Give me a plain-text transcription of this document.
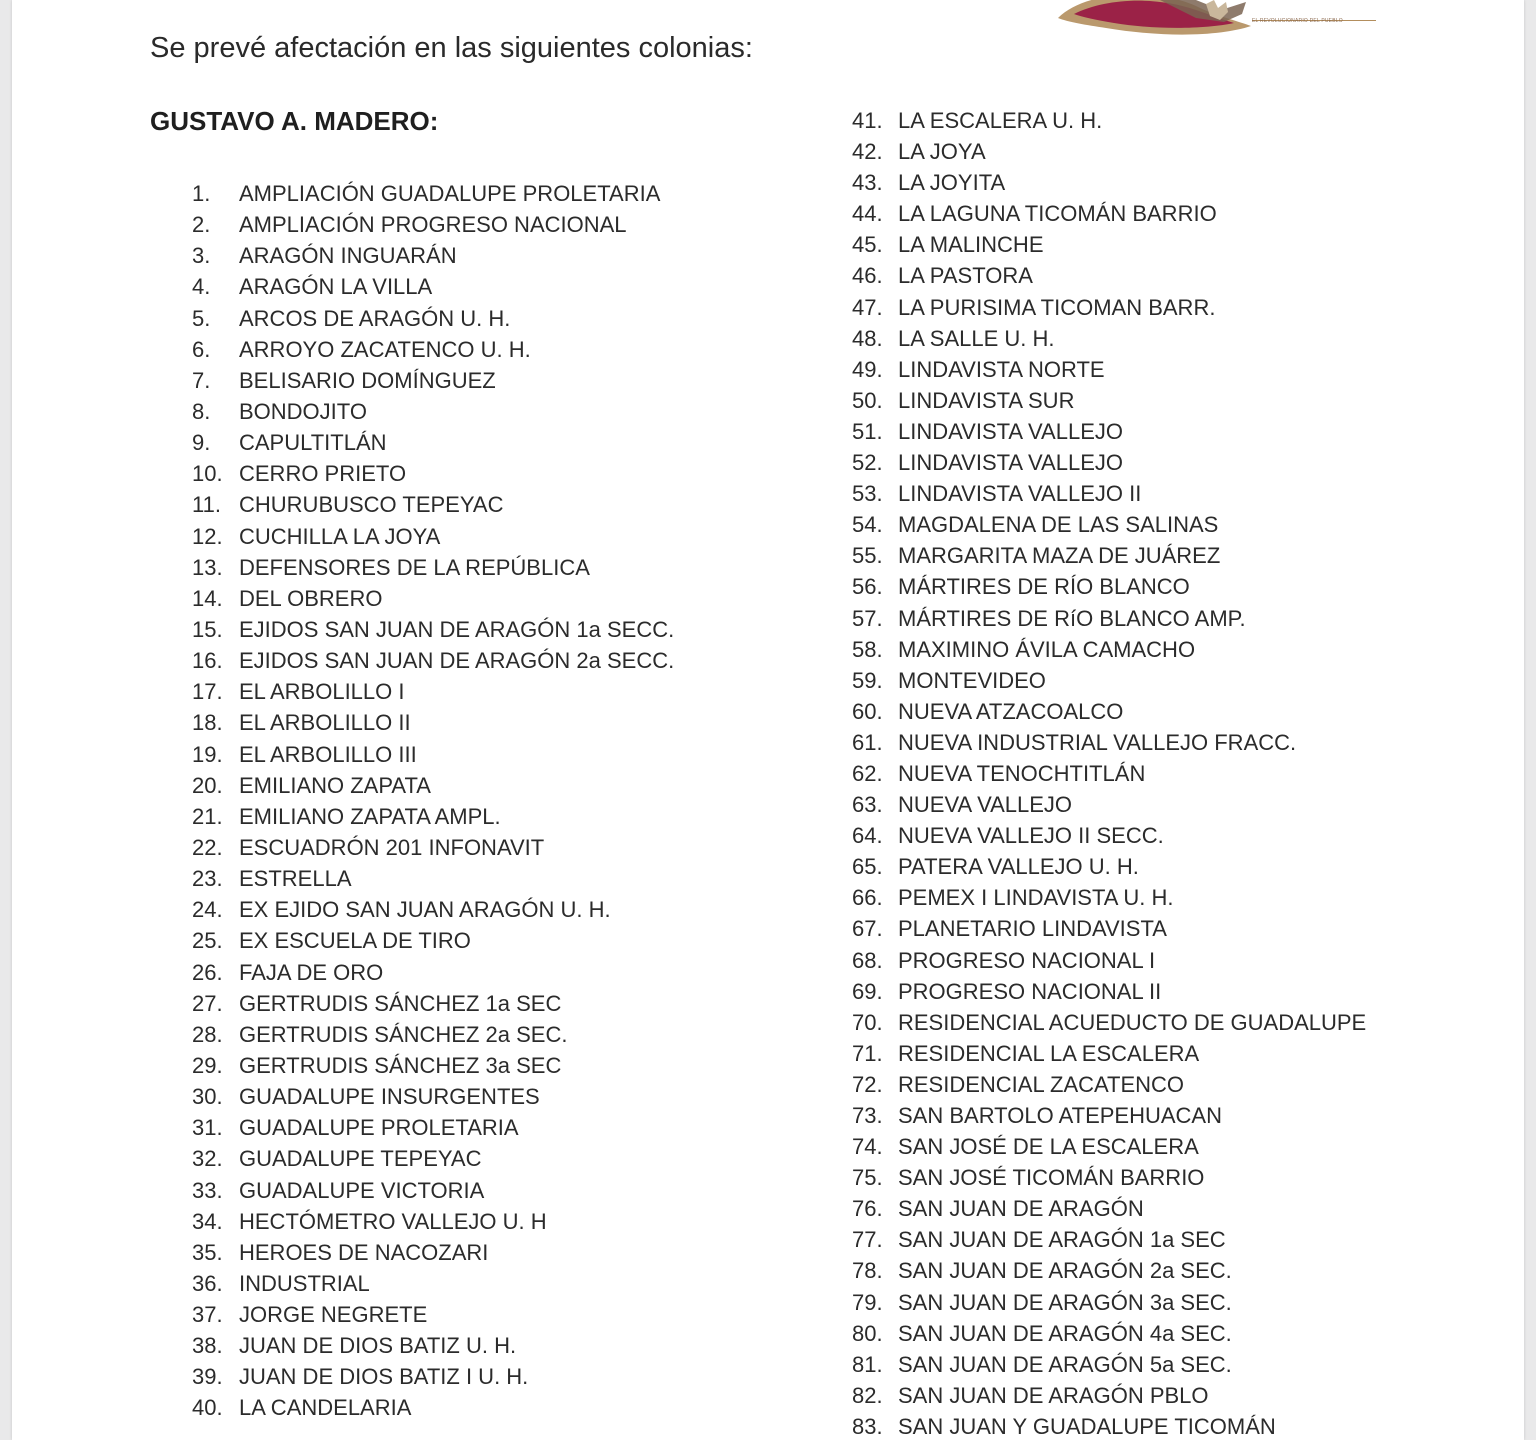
EL REVOLUCIONARIO DEL PUEBLO
Se prevé afectación en las siguientes colonias:
GUSTAVO A. MADERO:
1. AMPLIACIÓN GUADALUPE PROLETARIA
2. AMPLIACIÓN PROGRESO NACIONAL
3. ARAGÓN INGUARÁN
4. ARAGÓN LA VILLA
5. ARCOS DE ARAGÓN U. H.
6. ARROYO ZACATENCO U. H.
7. BELISARIO DOMÍNGUEZ
8. BONDOJITO
9. CAPULTITLÁN
10. CERRO PRIETO
11. CHURUBUSCO TEPEYAC
12. CUCHILLA LA JOYA
13. DEFENSORES DE LA REPÚBLICA
14. DEL OBRERO
15. EJIDOS SAN JUAN DE ARAGÓN 1a SECC.
16. EJIDOS SAN JUAN DE ARAGÓN 2a SECC.
17. EL ARBOLILLO I
18. EL ARBOLILLO II
19. EL ARBOLILLO III
20. EMILIANO ZAPATA
21. EMILIANO ZAPATA AMPL.
22. ESCUADRÓN 201 INFONAVIT
23. ESTRELLA
24. EX EJIDO SAN JUAN ARAGÓN U. H.
25. EX ESCUELA DE TIRO
26. FAJA DE ORO
27. GERTRUDIS SÁNCHEZ 1a SEC
28. GERTRUDIS SÁNCHEZ 2a SEC.
29. GERTRUDIS SÁNCHEZ 3a SEC
30. GUADALUPE INSURGENTES
31. GUADALUPE PROLETARIA
32. GUADALUPE TEPEYAC
33. GUADALUPE VICTORIA
34. HECTÓMETRO VALLEJO U. H
35. HEROES DE NACOZARI
36. INDUSTRIAL
37. JORGE NEGRETE
38. JUAN DE DIOS BATIZ U. H.
39. JUAN DE DIOS BATIZ I U. H.
40. LA CANDELARIA
41. LA ESCALERA U. H.
42. LA JOYA
43. LA JOYITA
44. LA LAGUNA TICOMÁN BARRIO
45. LA MALINCHE
46. LA PASTORA
47. LA PURISIMA TICOMAN BARR.
48. LA SALLE U. H.
49. LINDAVISTA NORTE
50. LINDAVISTA SUR
51. LINDAVISTA VALLEJO
52. LINDAVISTA VALLEJO
53. LINDAVISTA VALLEJO II
54. MAGDALENA DE LAS SALINAS
55. MARGARITA MAZA DE JUÁREZ
56. MÁRTIRES DE RÍO BLANCO
57. MÁRTIRES DE RíO BLANCO AMP.
58. MAXIMINO ÁVILA CAMACHO
59. MONTEVIDEO
60. NUEVA ATZACOALCO
61. NUEVA INDUSTRIAL VALLEJO FRACC.
62. NUEVA TENOCHTITLÁN
63. NUEVA VALLEJO
64. NUEVA VALLEJO II SECC.
65. PATERA VALLEJO U. H.
66. PEMEX I LINDAVISTA U. H.
67. PLANETARIO LINDAVISTA
68. PROGRESO NACIONAL I
69. PROGRESO NACIONAL II
70. RESIDENCIAL ACUEDUCTO DE GUADALUPE
71. RESIDENCIAL LA ESCALERA
72. RESIDENCIAL ZACATENCO
73. SAN BARTOLO ATEPEHUACAN
74. SAN JOSÉ DE LA ESCALERA
75. SAN JOSÉ TICOMÁN BARRIO
76. SAN JUAN DE ARAGÓN
77. SAN JUAN DE ARAGÓN 1a SEC
78. SAN JUAN DE ARAGÓN 2a SEC.
79. SAN JUAN DE ARAGÓN 3a SEC.
80. SAN JUAN DE ARAGÓN 4a SEC.
81. SAN JUAN DE ARAGÓN 5a SEC.
82. SAN JUAN DE ARAGÓN PBLO
83. SAN JUAN Y GUADALUPE TICOMÁN
